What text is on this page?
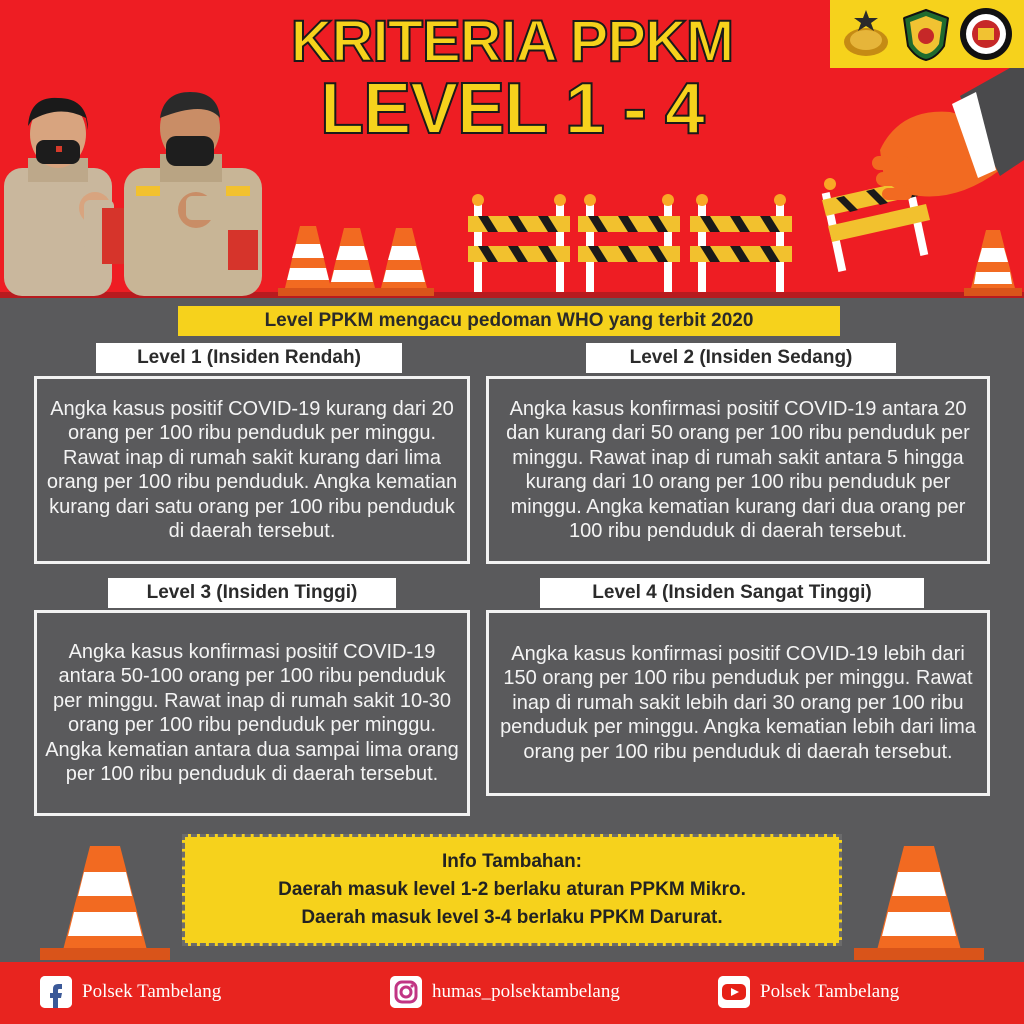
KRITERIA PPKM
LEVEL 1 - 4
Level PPKM mengacu pedoman WHO yang terbit 2020
Level 1 (Insiden Rendah)
Angka kasus positif COVID-19 kurang dari 20 orang per 100 ribu penduduk per minggu. Rawat inap di rumah sakit kurang dari lima orang per 100 ribu penduduk. Angka kematian kurang dari satu orang per 100 ribu penduduk di daerah tersebut.
Level 2 (Insiden Sedang)
Angka kasus konfirmasi positif COVID-19 antara 20 dan kurang dari 50 orang per 100 ribu penduduk per minggu. Rawat inap di rumah sakit antara 5 hingga kurang dari 10 orang per 100 ribu penduduk per minggu. Angka kematian kurang dari dua orang per 100 ribu penduduk di daerah tersebut.
Level 3 (Insiden Tinggi)
Angka kasus konfirmasi positif COVID-19 antara 50-100 orang per 100 ribu penduduk per minggu. Rawat inap di rumah sakit 10-30 orang per 100 ribu penduduk per minggu. Angka kematian antara dua sampai lima orang per 100 ribu penduduk di daerah tersebut.
Level 4 (Insiden Sangat Tinggi)
Angka kasus konfirmasi positif COVID-19 lebih dari 150 orang per 100 ribu penduduk per minggu. Rawat inap di rumah sakit lebih dari 30 orang per 100 ribu penduduk per minggu. Angka kematian lebih dari lima orang per 100 ribu penduduk di daerah tersebut.
Info Tambahan:
Daerah masuk level 1-2 berlaku aturan PPKM Mikro.
Daerah masuk level 3-4 berlaku PPKM Darurat.
Polsek Tambelang	humas_polsektambelang	Polsek Tambelang
